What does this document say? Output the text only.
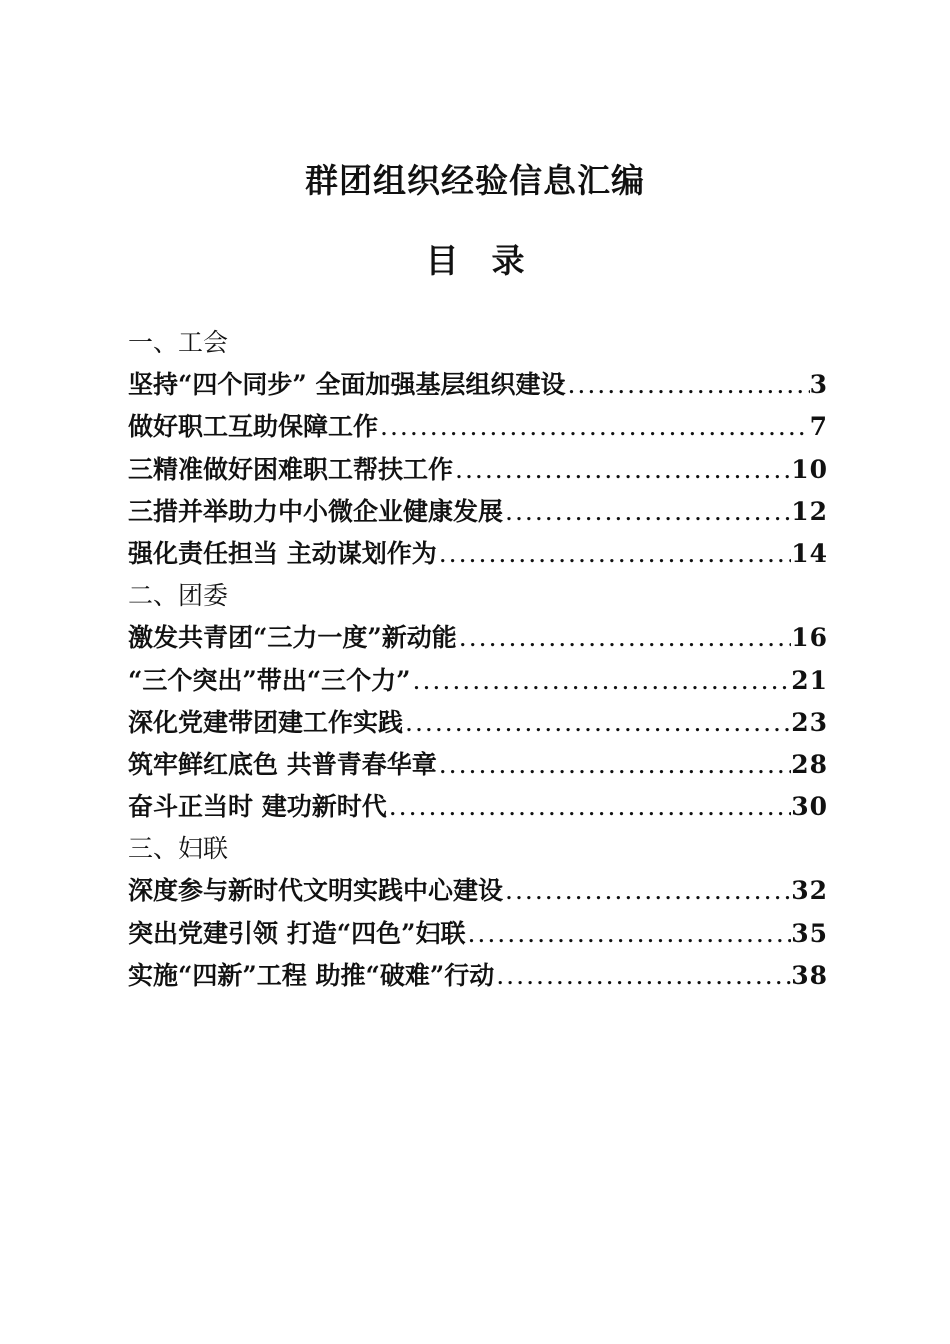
群团组织经验信息汇编
目　录
一、工会
坚持“四个同步” 全面加强基层组织建设 .....	3
做好职工互助保障工作 .....	7
三精准做好困难职工帮扶工作 .....	10
三措并举助力中小微企业健康发展 .....	12
强化责任担当 主动谋划作为 .....	14
二、团委
激发共青团“三力一度”新动能 .....	16
“三个突出”带出“三个力” .....	21
深化党建带团建工作实践 .....	23
筑牢鲜红底色 共普青春华章 .....	28
奋斗正当时 建功新时代 .....	30
三、妇联
深度参与新时代文明实践中心建设 .....	32
突出党建引领 打造“四色”妇联 .....	35
实施“四新”工程 助推“破难”行动 .....	38
